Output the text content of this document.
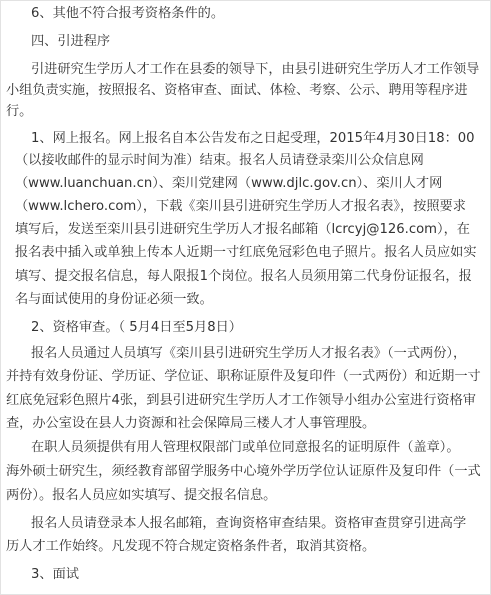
6、其他不符合报考资格条件的。
四、引进程序
引进研究生学历人才工作在县委的领导下，由县引进研究生学历人才工作领导
小组负责实施，按照报名、资格审查、面试、体检、考察、公示、聘用等程序进
行。
1、网上报名。网上报名自本公告发布之日起受理，2015年4月30日18：00
（以接收邮件的显示时间为准）结束。报名人员请登录栾川公众信息网
（www.luanchuan.cn）、栾川党建网（www.djlc.gov.cn）、栾川人才网
（www.lchero.com），下载《栾川县引进研究生学历人才报名表》，按照要求
填写后，发送至栾川县引进研究生学历人才报名邮箱（lcrcyj@126.com），在
报名表中插入或单独上传本人近期一寸红底免冠彩色电子照片。报名人员应如实
填写、提交报名信息，每人限报1个岗位。报名人员须用第二代身份证报名，报
名与面试使用的身份证必须一致。
2、资格审查。（ 5月4日至5月8日）
报名人员通过人员填写《栾川县引进研究生学历人才报名表》（一式两份），
并持有效身份证、学历证、学位证、职称证原件及复印件（一式两份）和近期一寸
红底免冠彩色照片4张，到县引进研究生学历人才工作领导小组办公室进行资格审
查，办公室设在县人力资源和社会保障局三楼人才人事管理股。
在职人员须提供有用人管理权限部门或单位同意报名的证明原件（盖章）。
海外硕士研究生，须经教育部留学服务中心境外学历学位认证原件及复印件（一式
两份）。报名人员应如实填写、提交报名信息。
报名人员请登录本人报名邮箱，查询资格审查结果。资格审查贯穿引进高学
历人才工作始终。凡发现不符合规定资格条件者，取消其资格。
3、面试
